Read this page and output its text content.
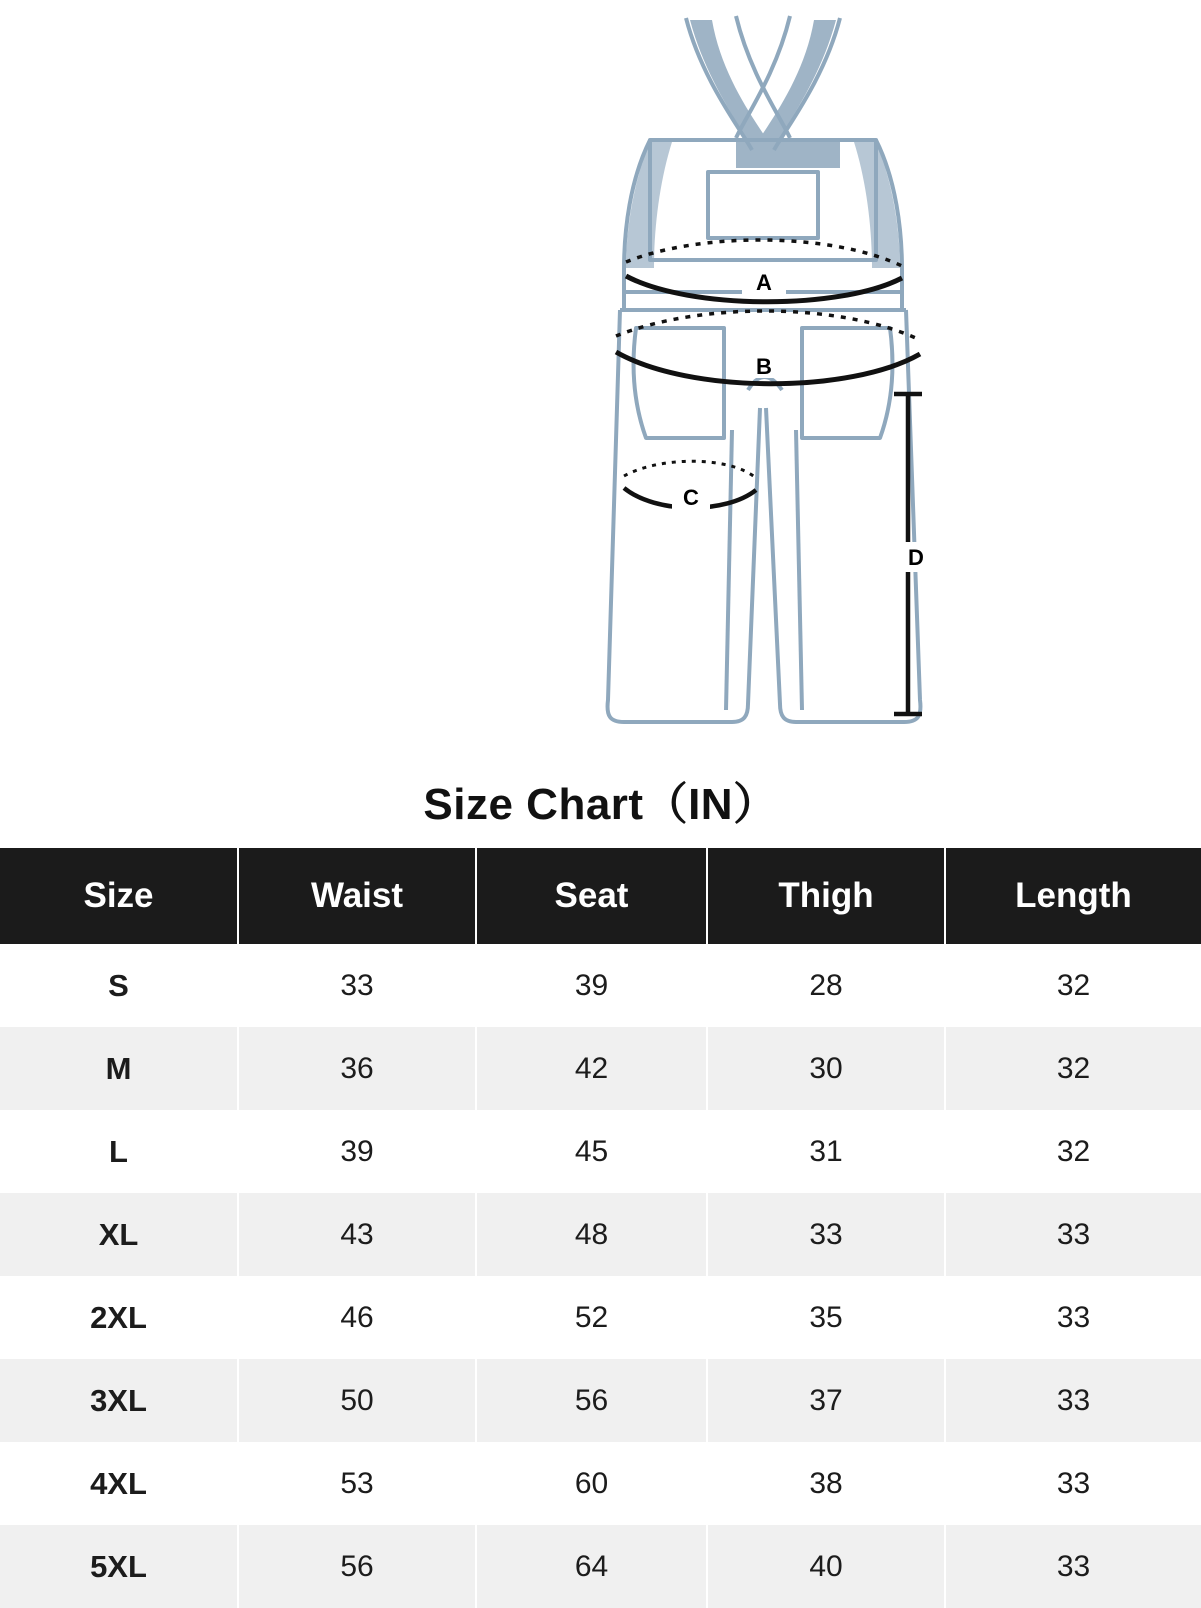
A
B
C
D
Size Chart（IN）
Size	Waist	Seat	Thigh	Length
S	33	39	28	32
M	36	42	30	32
L	39	45	31	32
XL	43	48	33	33
2XL	46	52	35	33
3XL	50	56	37	33
4XL	53	60	38	33
5XL	56	64	40	33
